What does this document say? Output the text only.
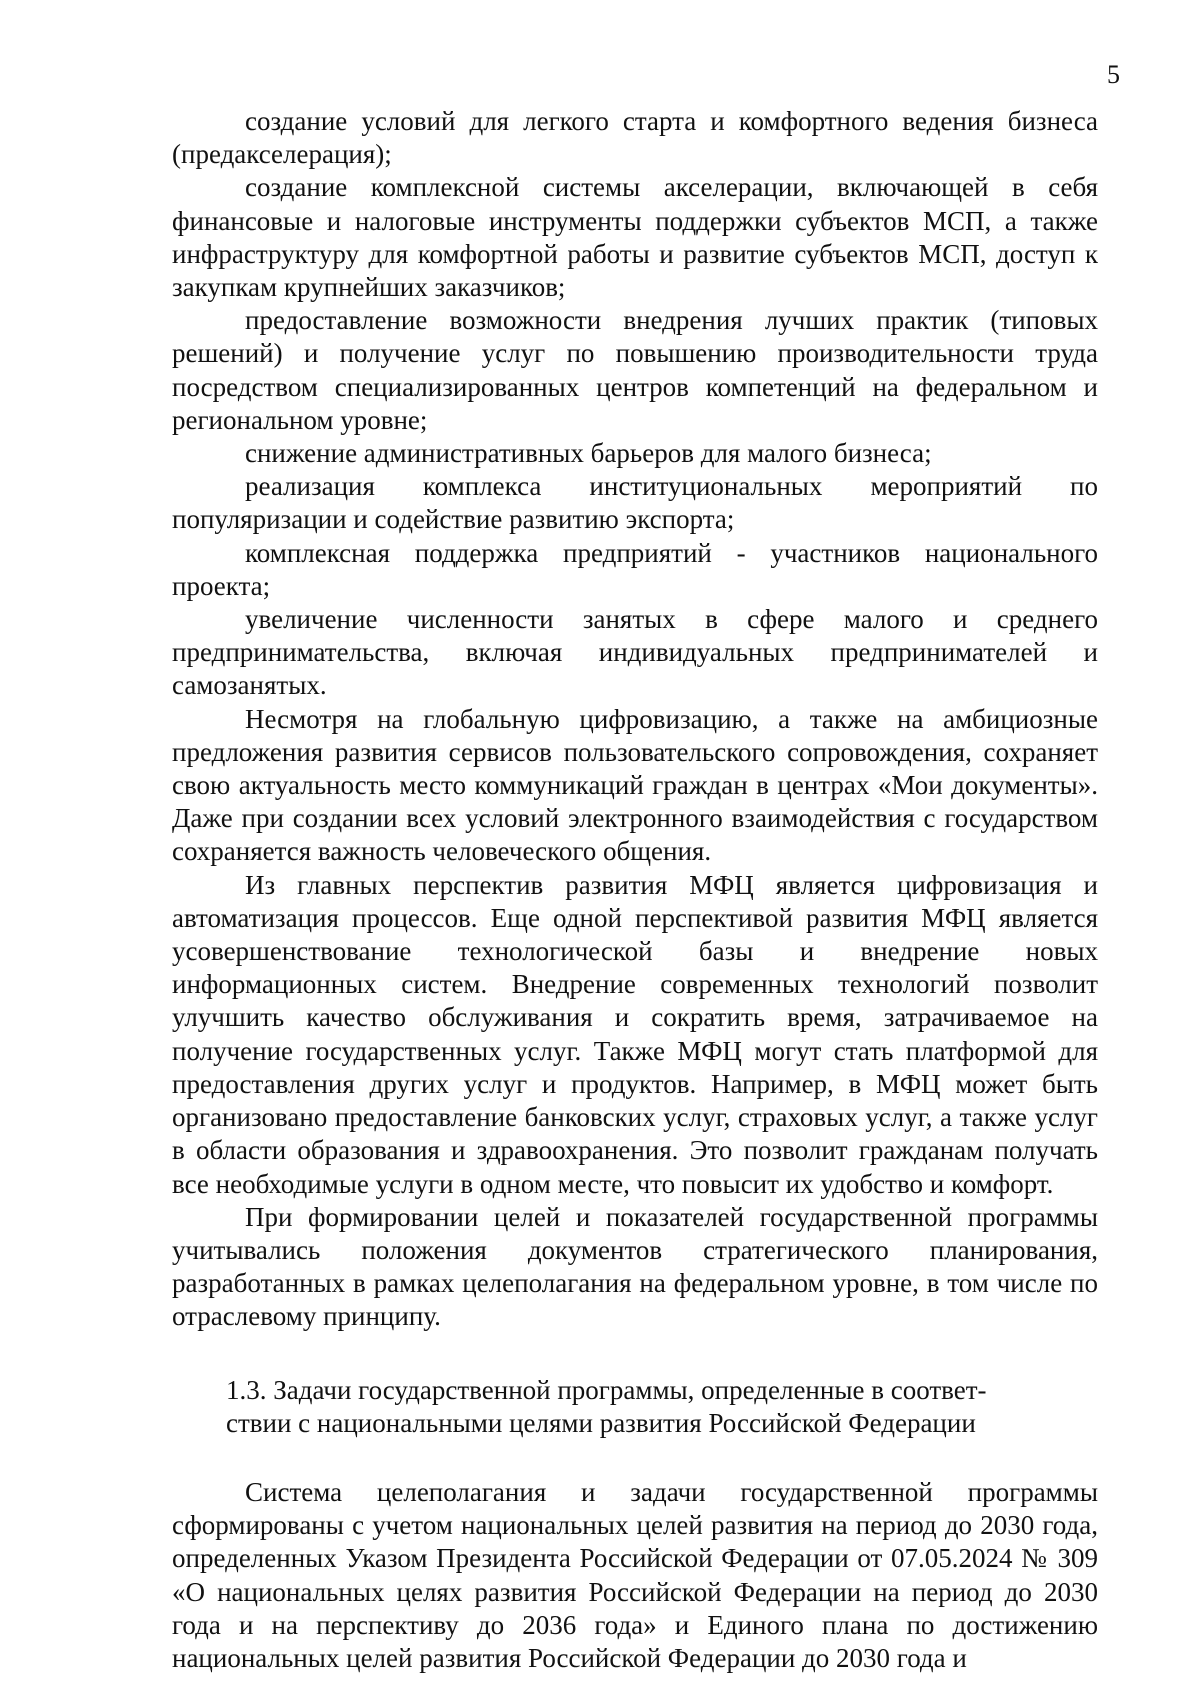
5

создание условий для легкого старта и комфортного ведения бизнеса (предакселерация);

создание комплексной системы акселерации, включающей в себя финансовые и налоговые инструменты поддержки субъектов МСП, а также инфраструктуру для комфортной работы и развитие субъектов МСП, доступ к закупкам крупнейших заказчиков;

предоставление возможности внедрения лучших практик (типовых решений) и получение услуг по повышению производительности труда посредством специализированных центров компетенций на федеральном и региональном уровне;

снижение административных барьеров для малого бизнеса;

реализация комплекса институциональных мероприятий по популяризации и содействие развитию экспорта;

комплексная поддержка предприятий - участников национального проекта;

увеличение численности занятых в сфере малого и среднего предпринимательства, включая индивидуальных предпринимателей и самозанятых.

Несмотря на глобальную цифровизацию, а также на амбициозные предложения развития сервисов пользовательского сопровождения, сохраняет свою актуальность место коммуникаций граждан в центрах «Мои документы». Даже при создании всех условий электронного взаимодействия с государством сохраняется важность человеческого общения.

Из главных перспектив развития МФЦ является цифровизация и автоматизация процессов. Еще одной перспективой развития МФЦ является усовершенствование технологической базы и внедрение новых информационных систем. Внедрение современных технологий позволит улучшить качество обслуживания и сократить время, затрачиваемое на получение государственных услуг. Также МФЦ могут стать платформой для предоставления других услуг и продуктов. Например, в МФЦ может быть организовано предоставление банковских услуг, страховых услуг, а также услуг в области образования и здравоохранения. Это позволит гражданам получать все необходимые услуги в одном месте, что повысит их удобство и комфорт.

При формировании целей и показателей государственной программы учитывались положения документов стратегического планирования, разработанных в рамках целеполагания на федеральном уровне, в том числе по отраслевому принципу.

1.3. Задачи государственной программы, определенные в соответ-
ствии с национальными целями развития Российской Федерации

Система целеполагания и задачи государственной программы сформированы с учетом национальных целей развития на период до 2030 года, определенных Указом Президента Российской Федерации от 07.05.2024 № 309 «О национальных целях развития Российской Федерации на период до 2030 года и на перспективу до 2036 года» и Единого плана по достижению национальных целей развития Российской Федерации до 2030 года и
